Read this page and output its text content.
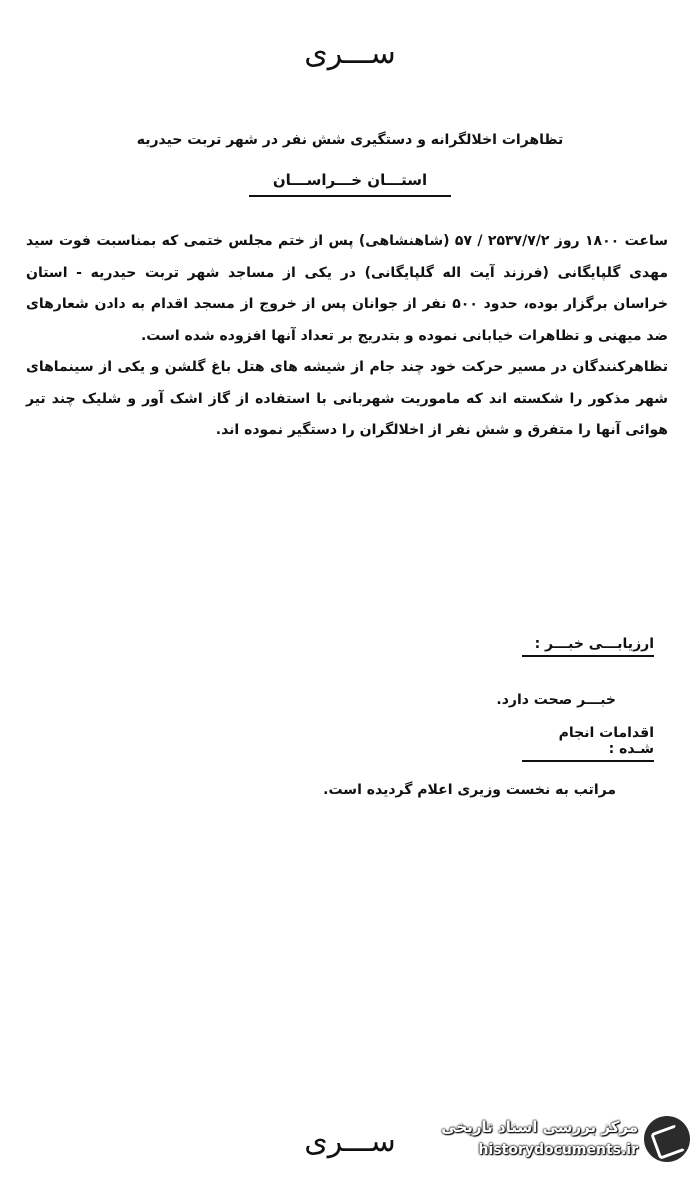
ســـرى
تظاهرات اخلالگرانه و دستگیری شش نفر در شهر تربت حیدریه
استـــان خـــراســـان

ساعت ۱۸۰۰ روز ۲۵۳۷/۷/۲ / ۵۷ (شاهنشاهی) پس از ختم مجلس ختمی که بمناسبت فوت سید مهدی گلپایگانی (فرزند آیت اله گلپایگانی) در یکی از مساجد شهر تربت حیدریه - استان خراسان برگزار بوده، حدود ۵۰۰ نفر از جوانان پس از خروج از مسجد اقدام به دادن شعارهای ضد میهنی و تظاهرات خیابانی نموده و بتدریج بر تعداد آنها افزوده شده است.

تظاهرکنندگان در مسیر حرکت خود چند جام از شیشه های هتل باغ گلشن و یکی از سینماهای شهر مذکور را شکسته اند که ماموریت شهربانی با استفاده از گاز اشک آور و شلیک چند تیر هوائی آنها را متفرق و شش نفر از اخلالگران را دستگیر نموده اند.

ارزیابـــی خبـــر :
خبـــر صحت دارد.
اقدامات انجام شـده :
مراتب به نخست وزیری اعلام گردیده است.
ســـرى	مرکز بررسی اسناد تاریخی
historydocuments.ir
